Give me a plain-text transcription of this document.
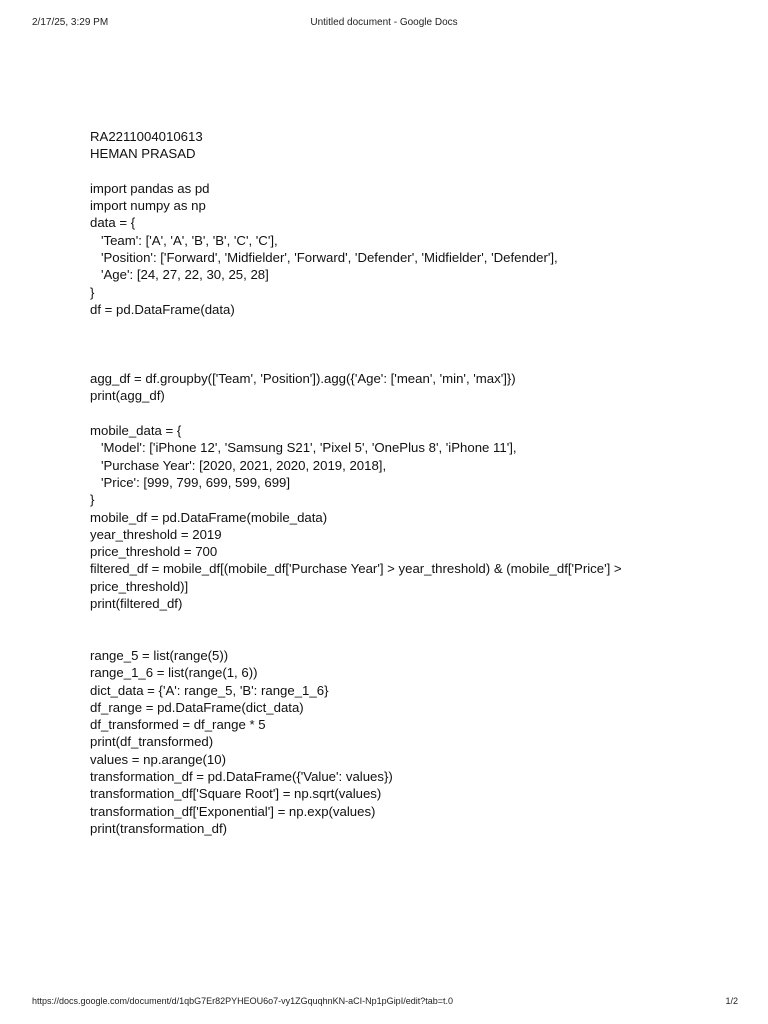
2/17/25, 3:29 PM	Untitled document - Google Docs
RA2211004010613
HEMAN PRASAD
import pandas as pd
import numpy as np
data = {
'Team': ['A', 'A', 'B', 'B', 'C', 'C'],
'Position': ['Forward', 'Midfielder', 'Forward', 'Defender', 'Midfielder', 'Defender'],
'Age': [24, 27, 22, 30, 25, 28]
}
df = pd.DataFrame(data)
agg_df = df.groupby(['Team', 'Position']).agg({'Age': ['mean', 'min', 'max']})
print(agg_df)
mobile_data = {
'Model': ['iPhone 12', 'Samsung S21', 'Pixel 5', 'OnePlus 8', 'iPhone 11'],
'Purchase Year': [2020, 2021, 2020, 2019, 2018],
'Price': [999, 799, 699, 599, 699]
}
mobile_df = pd.DataFrame(mobile_data)
year_threshold = 2019
price_threshold = 700
filtered_df = mobile_df[(mobile_df['Purchase Year'] > year_threshold) & (mobile_df['Price'] >
price_threshold)]
print(filtered_df)
range_5 = list(range(5))
range_1_6 = list(range(1, 6))
dict_data = {'A': range_5, 'B': range_1_6}
df_range = pd.DataFrame(dict_data)
df_transformed = df_range * 5
print(df_transformed)
values = np.arange(10)
transformation_df = pd.DataFrame({'Value': values})
transformation_df['Square Root'] = np.sqrt(values)
transformation_df['Exponential'] = np.exp(values)
print(transformation_df)
https://docs.google.com/document/d/1qbG7Er82PYHEOU6o7-vy1ZGquqhnKN-aCI-Np1pGipI/edit?tab=t.0	1/2
